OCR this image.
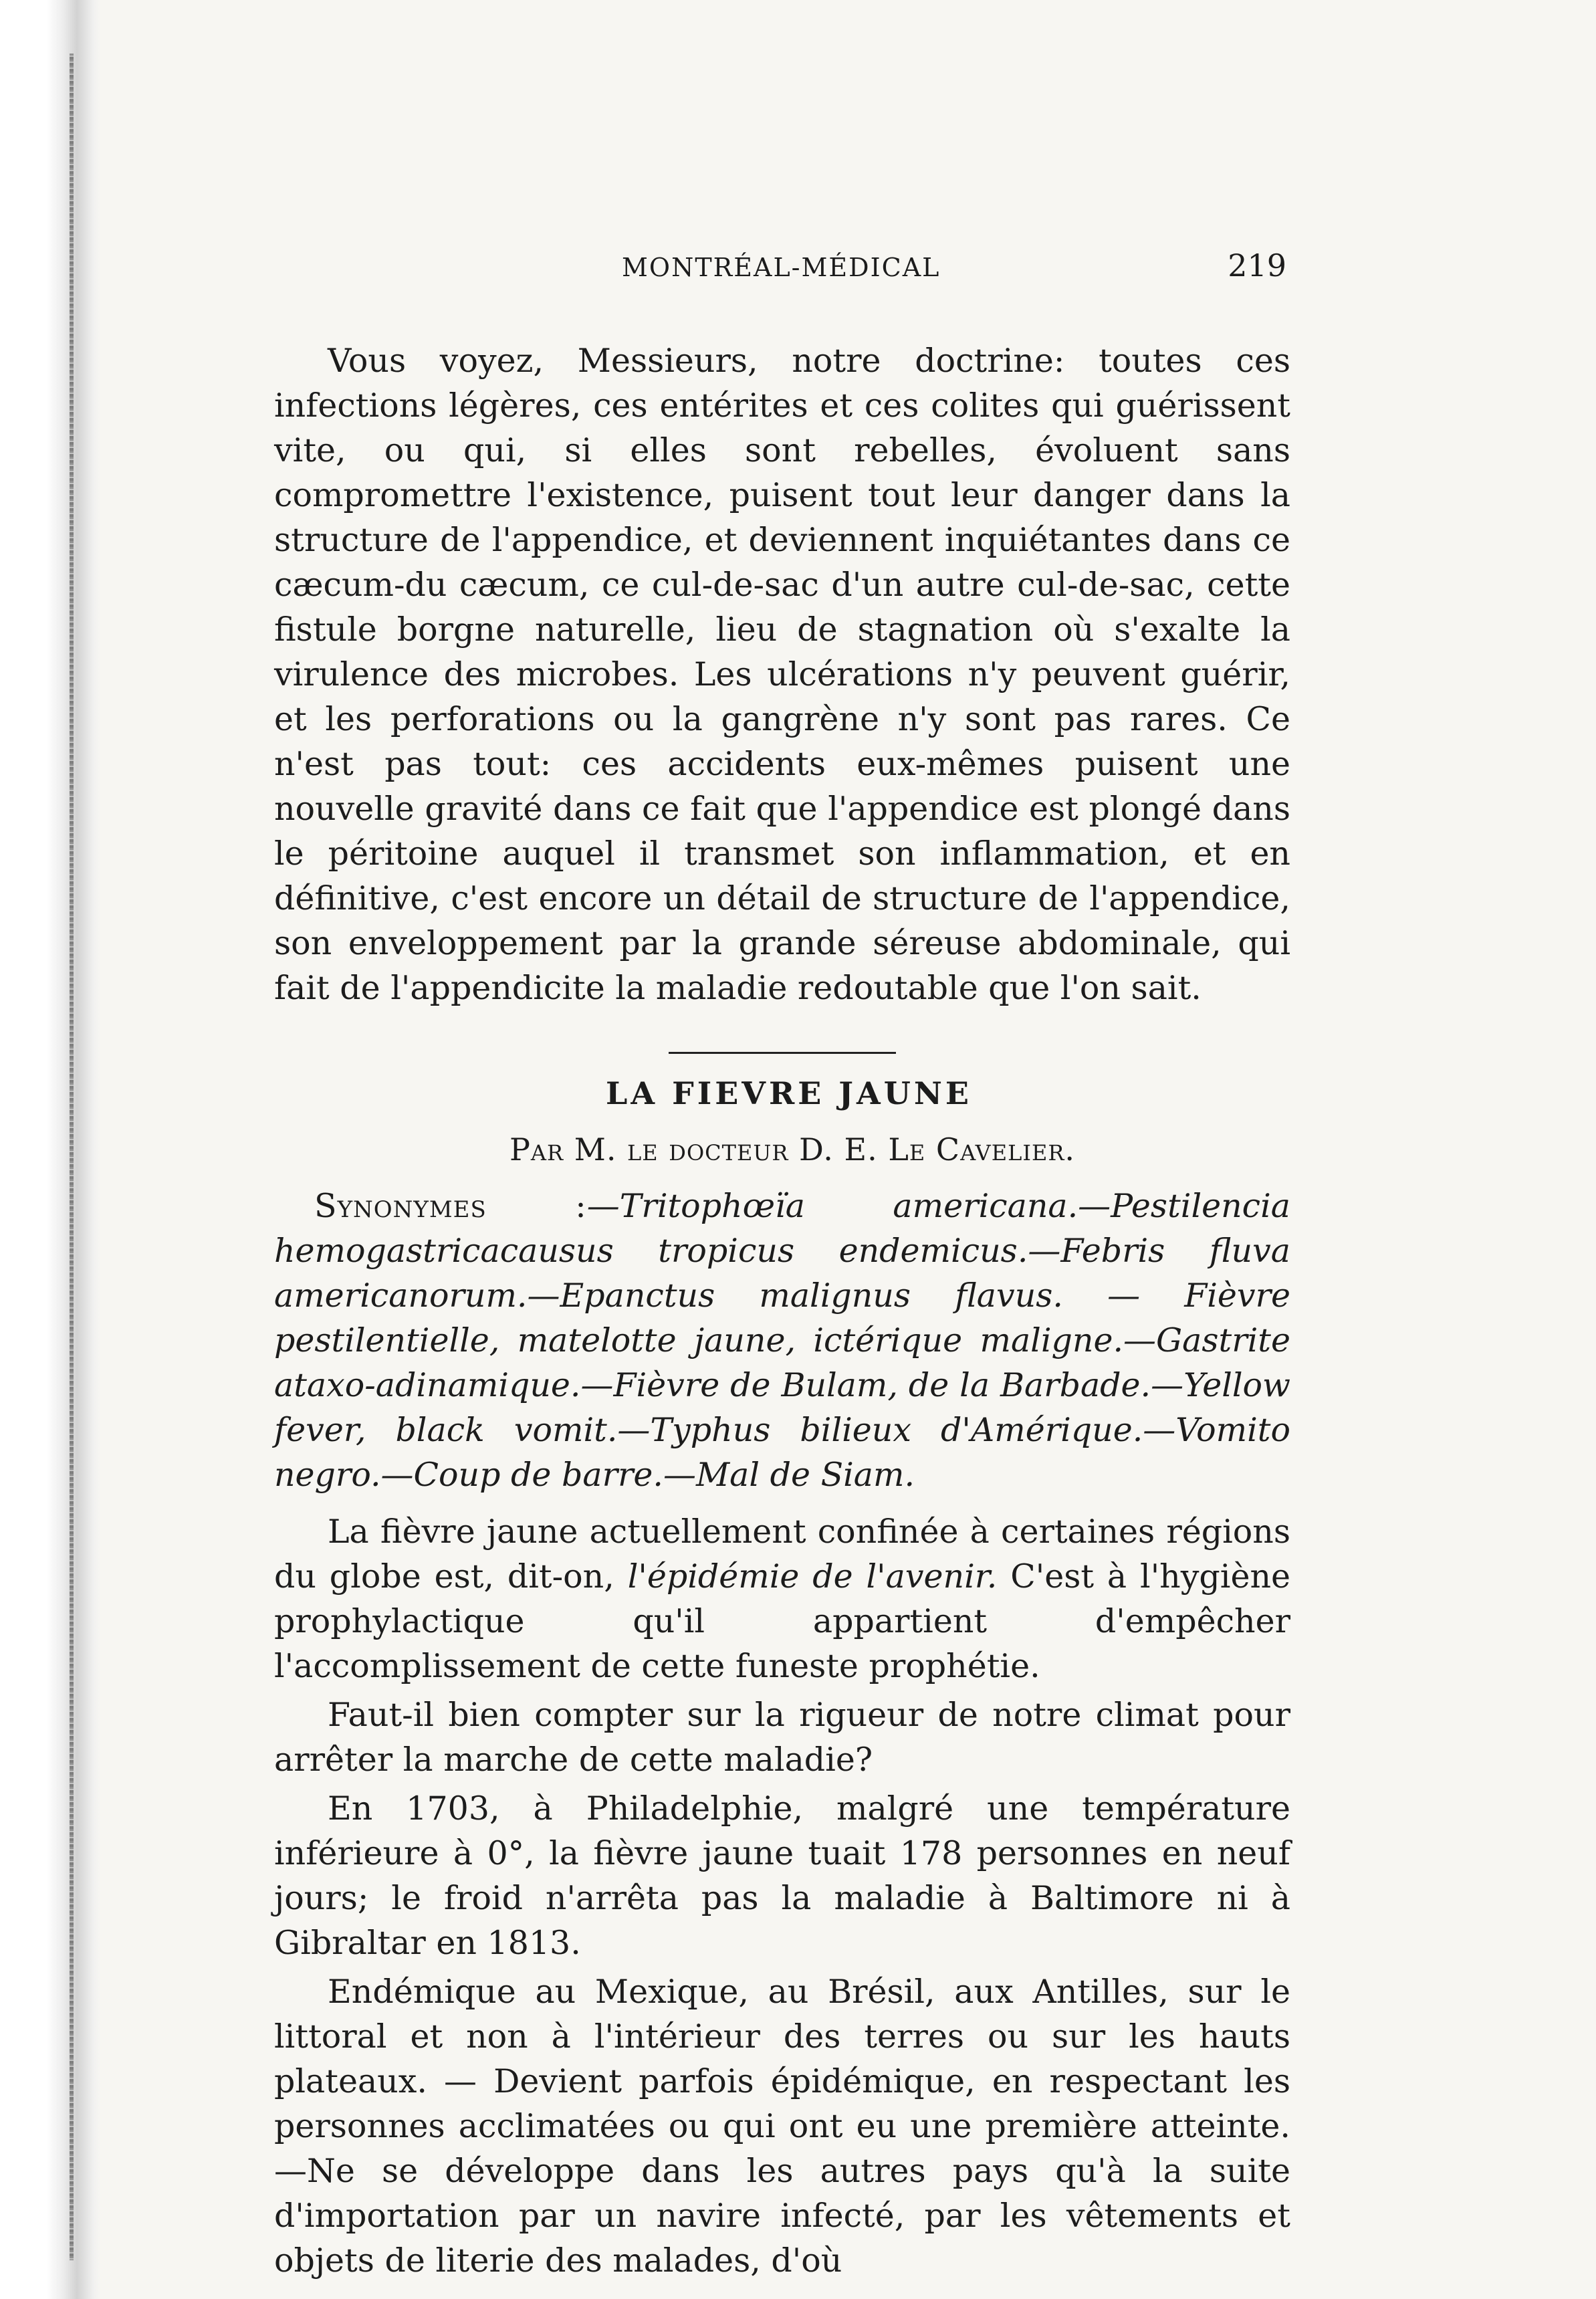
MONTRÉAL-MÉDICAL	219

Vous voyez, Messieurs, notre doctrine: toutes ces infections légères, ces entérites et ces colites qui guérissent vite, ou qui, si elles sont rebelles, évoluent sans compromettre l'existence, puisent tout leur danger dans la structure de l'appendice, et deviennent inquiétantes dans ce cæcum-du cæcum, ce cul-de-sac d'un autre cul-de-sac, cette fistule borgne naturelle, lieu de stagnation où s'exalte la virulence des microbes. Les ulcérations n'y peuvent guérir, et les perforations ou la gangrène n'y sont pas rares. Ce n'est pas tout: ces accidents eux-mêmes puisent une nouvelle gravité dans ce fait que l'appendice est plongé dans le péritoine auquel il transmet son inflammation, et en définitive, c'est encore un détail de structure de l'appendice, son enveloppement par la grande séreuse abdominale, qui fait de l'appendicite la maladie redoutable que l'on sait.

LA FIEVRE JAUNE
Par M. le docteur D. E. Le Cavelier.

Synonymes :—Tritophœïa americana.—Pestilencia hemogastricacausus tropicus endemicus.—Febris fluva americanorum.—Epanctus malignus flavus. — Fièvre pestilentielle, matelotte jaune, ictérique maligne.—Gastrite ataxo-adinamique.—Fièvre de Bulam, de la Barbade.—Yellow fever, black vomit.—Typhus bilieux d'Amérique.—Vomito negro.—Coup de barre.—Mal de Siam.

La fièvre jaune actuellement confinée à certaines régions du globe est, dit-on, l'épidémie de l'avenir. C'est à l'hygiène prophylactique qu'il appartient d'empêcher l'accomplissement de cette funeste prophétie.

Faut-il bien compter sur la rigueur de notre climat pour arrêter la marche de cette maladie?

En 1703, à Philadelphie, malgré une température inférieure à 0°, la fièvre jaune tuait 178 personnes en neuf jours; le froid n'arrêta pas la maladie à Baltimore ni à Gibraltar en 1813.

Endémique au Mexique, au Brésil, aux Antilles, sur le littoral et non à l'intérieur des terres ou sur les hauts plateaux. — Devient parfois épidémique, en respectant les personnes acclimatées ou qui ont eu une première atteinte.—Ne se développe dans les autres pays qu'à la suite d'importation par un navire infecté, par les vêtements et objets de literie des malades, d'où
